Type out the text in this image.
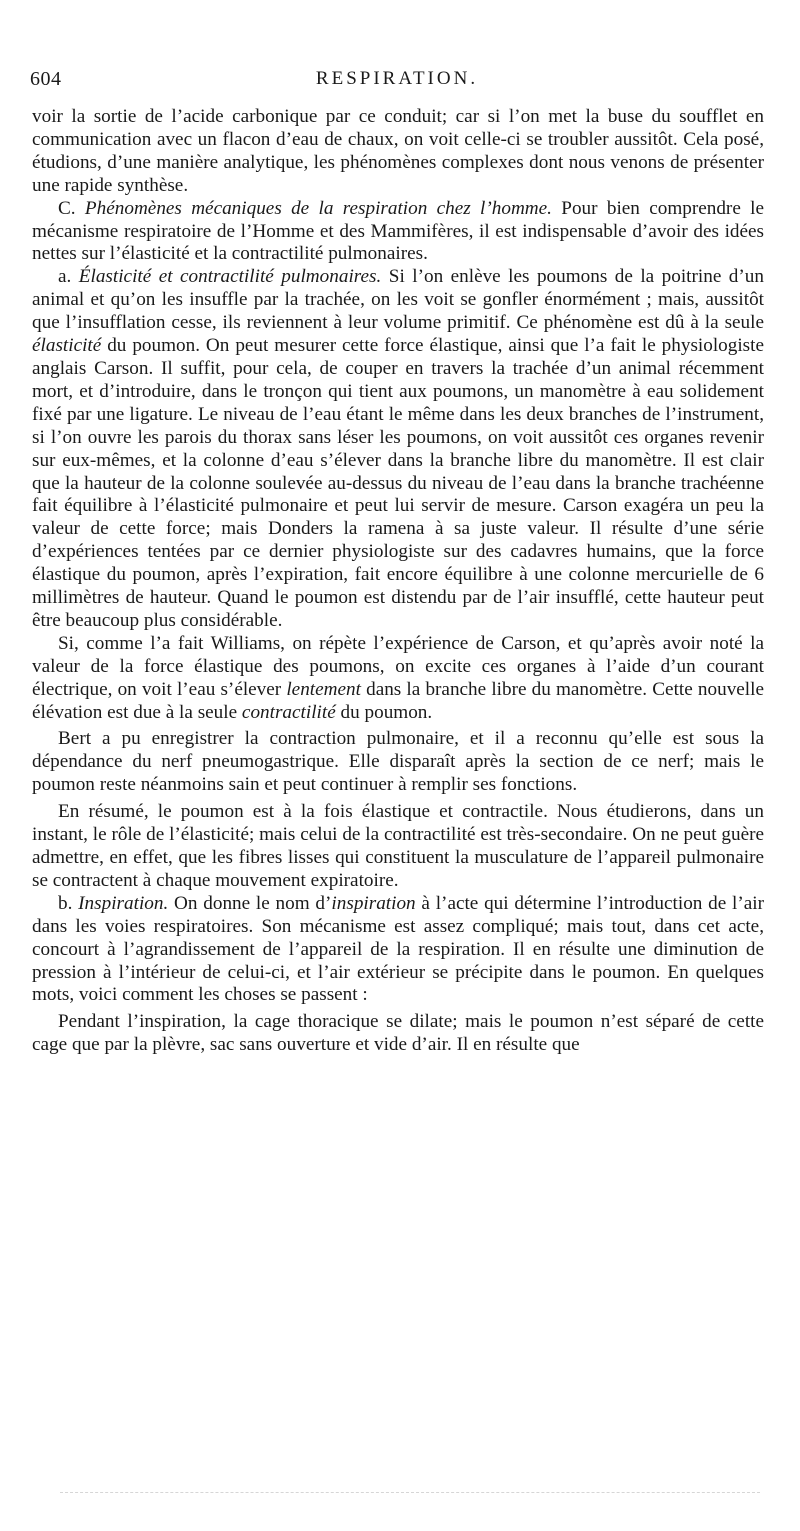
604	RESPIRATION.

voir la sortie de l’acide carbonique par ce conduit; car si l’on met la buse du soufflet en communication avec un flacon d’eau de chaux, on voit celle-ci se troubler aussitôt. Cela posé, étudions, d’une manière analytique, les phénomènes complexes dont nous venons de présenter une rapide synthèse.

C. Phénomènes mécaniques de la respiration chez l’homme. Pour bien comprendre le mécanisme respiratoire de l’Homme et des Mammifères, il est indispensable d’avoir des idées nettes sur l’élasticité et la contractilité pulmonaires.

a. Élasticité et contractilité pulmonaires. Si l’on enlève les poumons de la poitrine d’un animal et qu’on les insuffle par la trachée, on les voit se gonfler énormément ; mais, aussitôt que l’insufflation cesse, ils reviennent à leur volume primitif. Ce phénomène est dû à la seule élasticité du poumon. On peut mesurer cette force élastique, ainsi que l’a fait le physiologiste anglais Carson. Il suffit, pour cela, de couper en travers la trachée d’un animal récemment mort, et d’introduire, dans le tronçon qui tient aux poumons, un manomètre à eau solidement fixé par une ligature. Le niveau de l’eau étant le même dans les deux branches de l’instrument, si l’on ouvre les parois du thorax sans léser les poumons, on voit aussitôt ces organes revenir sur eux-mêmes, et la colonne d’eau s’élever dans la branche libre du manomètre. Il est clair que la hauteur de la colonne soulevée au-dessus du niveau de l’eau dans la branche trachéenne fait équilibre à l’élasticité pulmonaire et peut lui servir de mesure. Carson exagéra un peu la valeur de cette force; mais Donders la ramena à sa juste valeur. Il résulte d’une série d’expériences tentées par ce dernier physiologiste sur des cadavres humains, que la force élastique du poumon, après l’expiration, fait encore équilibre à une colonne mercurielle de 6 millimètres de hauteur. Quand le poumon est distendu par de l’air insufflé, cette hauteur peut être beaucoup plus considérable.

Si, comme l’a fait Williams, on répète l’expérience de Carson, et qu’après avoir noté la valeur de la force élastique des poumons, on excite ces organes à l’aide d’un courant électrique, on voit l’eau s’élever lentement dans la branche libre du manomètre. Cette nouvelle élévation est due à la seule contractilité du poumon.

Bert a pu enregistrer la contraction pulmonaire, et il a reconnu qu’elle est sous la dépendance du nerf pneumogastrique. Elle disparaît après la section de ce nerf; mais le poumon reste néanmoins sain et peut continuer à remplir ses fonctions.

En résumé, le poumon est à la fois élastique et contractile. Nous étudierons, dans un instant, le rôle de l’élasticité; mais celui de la contractilité est très-secondaire. On ne peut guère admettre, en effet, que les fibres lisses qui constituent la musculature de l’appareil pulmonaire se contractent à chaque mouvement expiratoire.

b. Inspiration. On donne le nom d’inspiration à l’acte qui détermine l’introduction de l’air dans les voies respiratoires. Son mécanisme est assez compliqué; mais tout, dans cet acte, concourt à l’agrandissement de l’appareil de la respiration. Il en résulte une diminution de pression à l’intérieur de celui-ci, et l’air extérieur se précipite dans le poumon. En quelques mots, voici comment les choses se passent :

Pendant l’inspiration, la cage thoracique se dilate; mais le poumon n’est séparé de cette cage que par la plèvre, sac sans ouverture et vide d’air. Il en résulte que
